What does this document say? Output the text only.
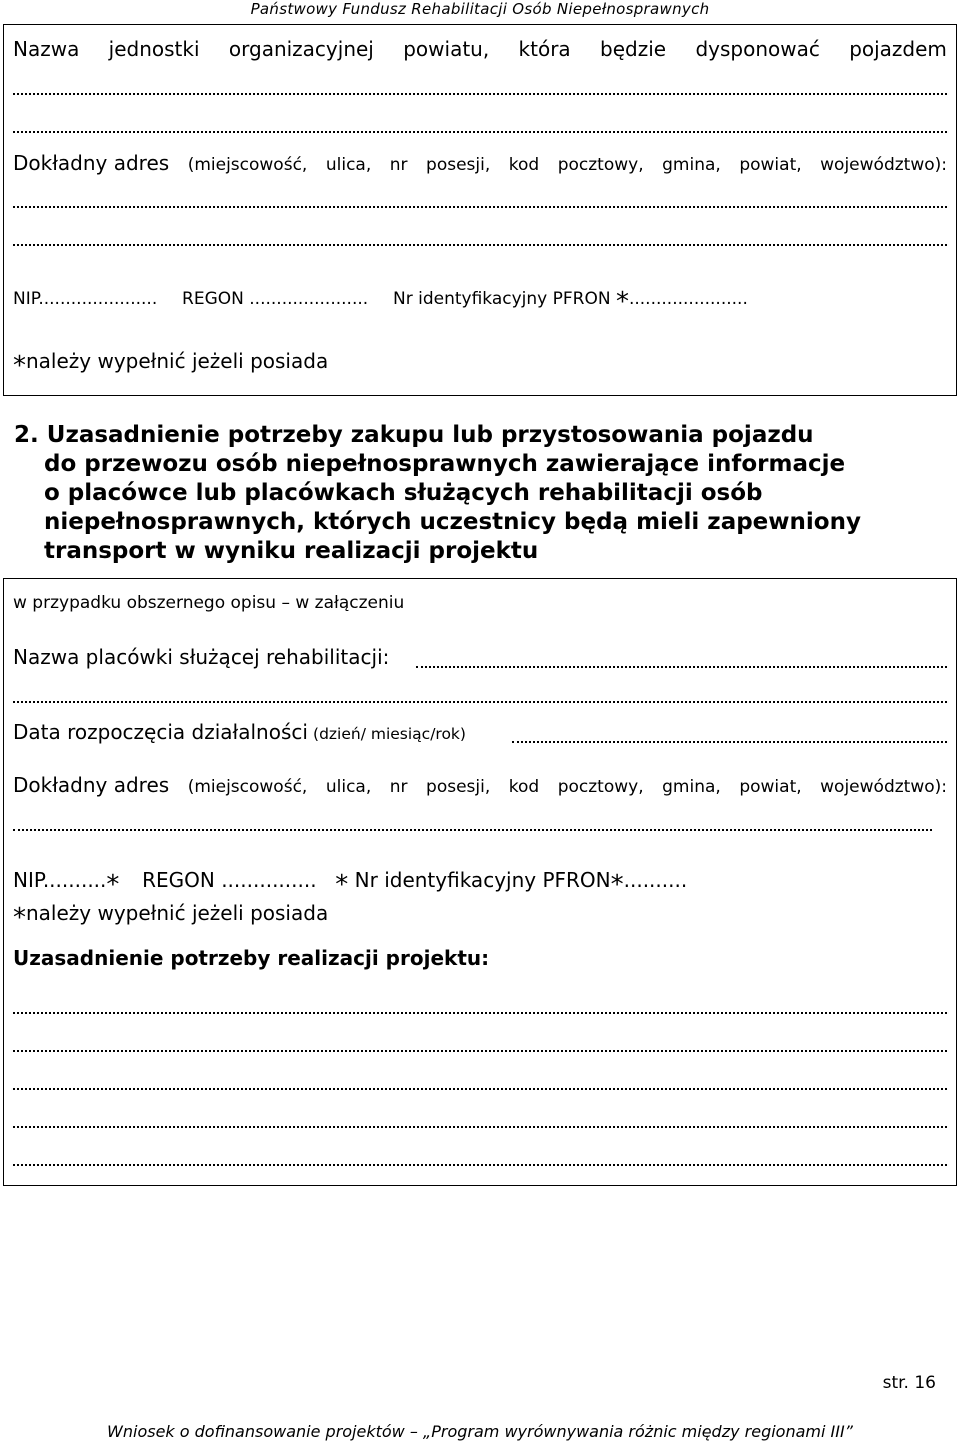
Państwowy Fundusz Rehabilitacji Osób Niepełnosprawnych
Nazwa jednostki organizacyjnej powiatu, która będzie dysponować pojazdem
Dokładny adres (miejscowość, ulica, nr posesji, kod pocztowy, gmina, powiat, województwo):
NIP...................... REGON ...................... Nr identyfikacyjny PFRON *......................
*należy wypełnić jeżeli posiada
2. Uzasadnienie potrzeby zakupu lub przystosowania pojazdu
do przewozu osób niepełnosprawnych zawierające informacje
o placówce lub placówkach służących rehabilitacji osób
niepełnosprawnych, których uczestnicy będą mieli zapewniony
transport w wyniku realizacji projektu
w przypadku obszernego opisu – w załączeniu
Nazwa placówki służącej rehabilitacji:
Data rozpoczęcia działalności (dzień/ miesiąc/rok)
Dokładny adres (miejscowość, ulica, nr posesji, kod pocztowy, gmina, powiat, województwo):
NIP..........* REGON ............... * Nr identyfikacyjny PFRON*..........
*należy wypełnić jeżeli posiada
Uzasadnienie potrzeby realizacji projektu:
str. 16
Wniosek o dofinansowanie projektów – „Program wyrównywania różnic między regionami III”
